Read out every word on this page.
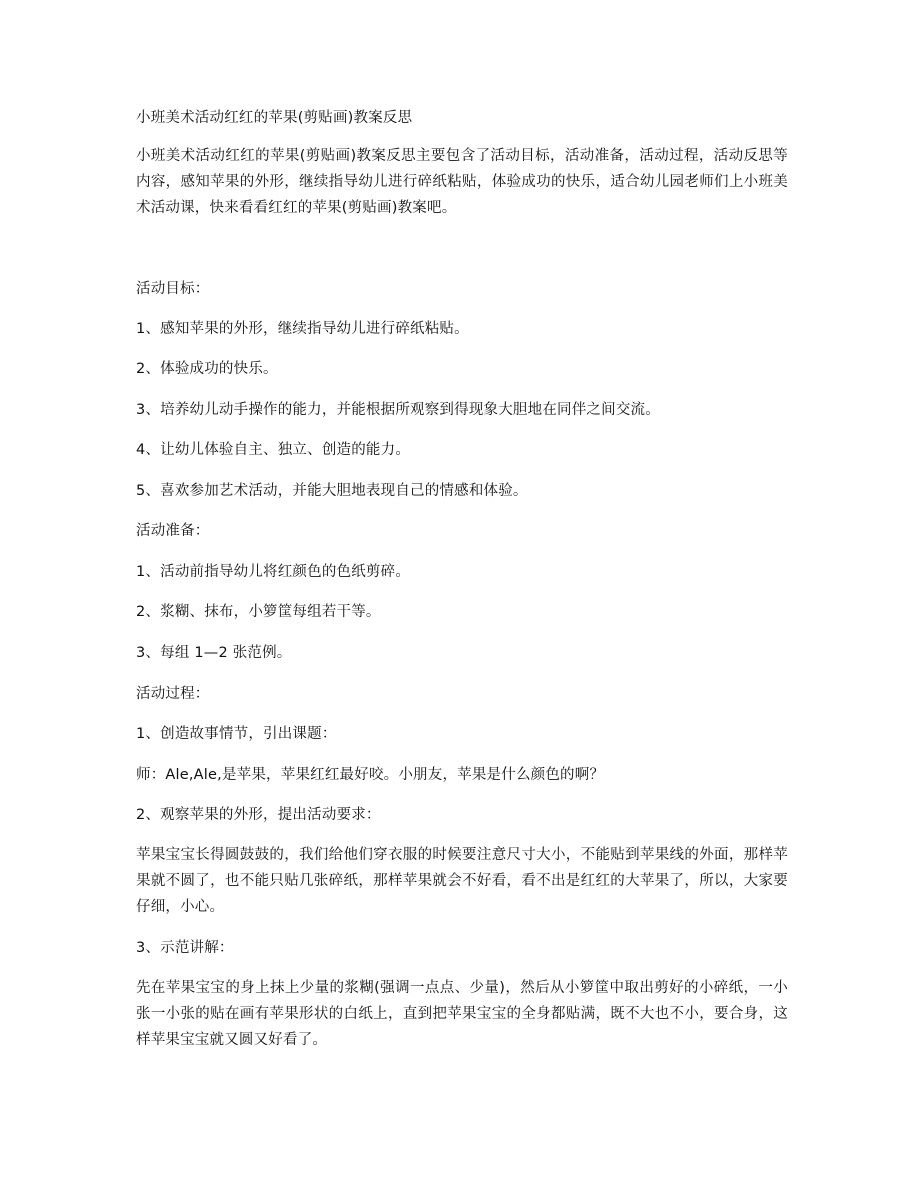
小班美术活动红红的苹果(剪贴画)教案反思
小班美术活动红红的苹果(剪贴画)教案反思主要包含了活动目标，活动准备，活动过程，活动反思等内容，感知苹果的外形，继续指导幼儿进行碎纸粘贴，体验成功的快乐，适合幼儿园老师们上小班美术活动课，快来看看红红的苹果(剪贴画)教案吧。
活动目标：
1、感知苹果的外形，继续指导幼儿进行碎纸粘贴。
2、体验成功的快乐。
3、培养幼儿动手操作的能力，并能根据所观察到得现象大胆地在同伴之间交流。
4、让幼儿体验自主、独立、创造的能力。
5、喜欢参加艺术活动，并能大胆地表现自己的情感和体验。
活动准备：
1、活动前指导幼儿将红颜色的色纸剪碎。
2、浆糊、抹布，小箩筐每组若干等。
3、每组 1—2 张范例。
活动过程：
1、创造故事情节，引出课题：
师：Ale,Ale,是苹果，苹果红红最好咬。小朋友，苹果是什么颜色的啊？
2、观察苹果的外形，提出活动要求：
苹果宝宝长得圆鼓鼓的，我们给他们穿衣服的时候要注意尺寸大小，不能贴到苹果线的外面，那样苹果就不圆了，也不能只贴几张碎纸，那样苹果就会不好看，看不出是红红的大苹果了，所以，大家要仔细，小心。
3、示范讲解：
先在苹果宝宝的身上抹上少量的浆糊(强调一点点、少量)，然后从小箩筐中取出剪好的小碎纸，一小张一小张的贴在画有苹果形状的白纸上，直到把苹果宝宝的全身都贴满，既不大也不小，要合身，这样苹果宝宝就又圆又好看了。
